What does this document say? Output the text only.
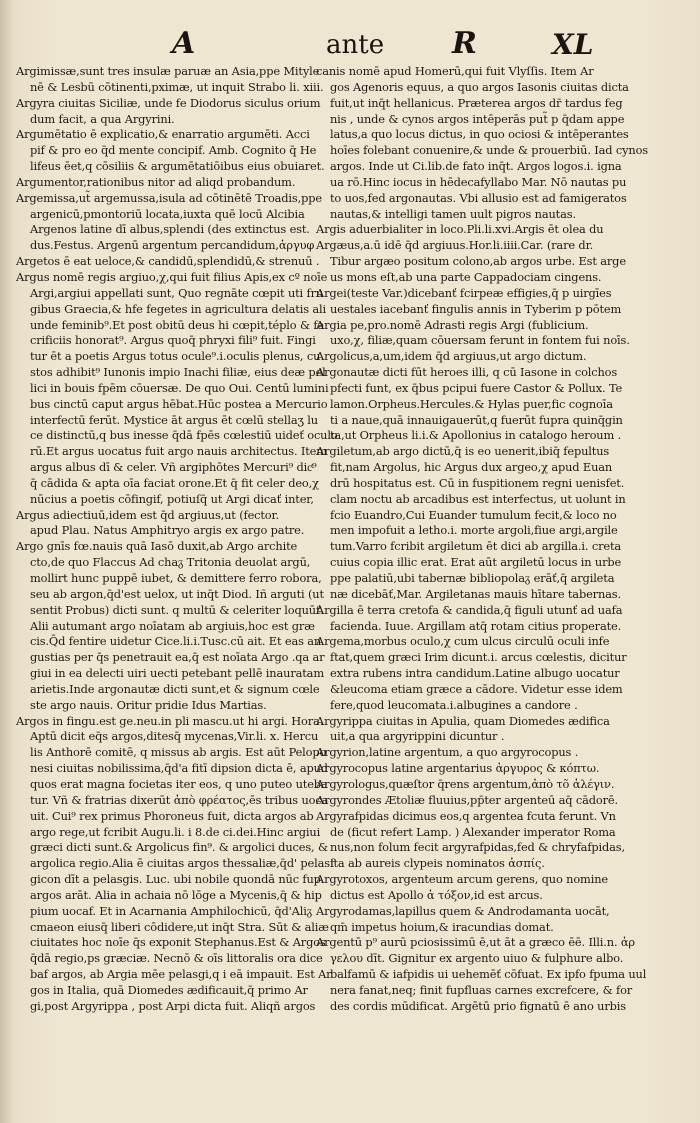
A	ante R	XL
Argimissæ,sunt tres insulæ paruæ an Asia,ppe Mityle
nē & Lesbū cōtinenti,pximæ, ut inquit Strabo li. xiii.
Argyra ciuitas Siciliæ, unde fe Diodorus siculus orium
dum facit, a qua Argyrini.
Argumētatio ē explicatio,& enarratio argumēti. Acci
pif & pro eo q̄d mente concipif. Amb. Cognito q̄ He
lifeus ēet,q cōsiliis & argumētatiōibus eius obuiaret.
Argumentor,rationibus nitor ad aliqd probandum.
Argemissa,ut̃ argemussa,isula ad cōtinētē Troadis,ppe
argenicū,pmontoriū locata,iuxta quē locū Alcibia
Argenos latine dī albus,splendi (des extinctus est.
dus.Festus. Argenū argentum percandidum,ἀργυφ
Argetos ē eat ueloce,& candidū,splendidū,& strenuū .
Argus nomē regis argiuo,χ,qui fuit filius Apis,ex cº noīe
Argi,argiui appellati sunt, Quo regnāte cœpit uti fru
gibus Graecia,& hfe fegetes in agricultura delatis ali
unde feminib⁹.Et post obitū deus hi cœpit,téplo & fa
crificiis honorat⁹. Argus quoq̄ phryxi fili⁹ fuit. Fingi
tur ēt a poetis Argus totus ocule⁹.i.oculis plenus, cu
stos adhibit⁹ Iunonis impio Inachi filiæ, eius deæ pel
lici in bouis fpēm cōuersæ. De quo Oui. Centū lumini
bus cinctū caput argus hēbat.Hūc postea a Mercurio
interfectū ferūt. Mystice āt argus ēt cœlū stellaʒ lu
ce distinctū,q bus inesse q̄dā fpēs cœlestiū uideť oculo
rū.Et argus uocatus fuit argo nauis architectus. Item
argus albus dī & celer. Vñ argiphōtes Mercuri⁹ dicͭ⁹
q̄ cādida & apta oīa faciat orone.Et q̄ fit celer deo,χ
nūcius a poetis cōfingif, potiuſq̄ ut Argi dicať inter,
Argus adiectiuū,idem est q̄d argiuus,ut (fector.
apud Plau. Natus Amphitryo argis ex argo patre.
Argo gnīs fœ.nauis quā Iasō duxit,ab Argo archite
cto,de quo Flaccus Ad chaᵹ Tritonia deuolat argū,
mollirt hunc puppē iubet, & demittere ferro robora,
seu ab argon,q̄d'est uelox, ut inq̄t Diod. Iñ arguti (ut
sentit Probus) dicti sunt. q multū & celeriter loquūť.
Alii autumant argo noīatam ab argiuis,hoc est græ
cis.Q̄d fentire uidetur Cice.li.i.Tusc.cū ait. Et eas an
gustias per q̄s penetrauit ea,q̄ est noīata Argo .qa ar
giui in ea delecti uiri uecti petebant pellē inauratam
arietis.Inde argonautæ dicti sunt,et & signum cœle
ste argo nauis. Oritur pridie Idus Martias.
Argos in fingu.est ge.neu.in pli mascu.ut hi argi. Hora.
Aptū dicit eq̄s argos,ditesq̄ mycenas,Vir.li. x. Hercu
lis Anthorē comitē, q missus ab argis. Est aūt Pelopo
nesi ciuitas nobilissima,q̄d'a fitī dipsion dicta ē, apud
quos erat magna focietas iter eos, q uno puteo uteba
tur. Vñ & fratrias dixerūt ἀπὸ φρέατος,ēs tribus uoca
uit. Cui⁹ rex primus Phoroneus fuit, dicta argos ab
argo rege,ut fcribit Augu.li. i 8.de ci.dei.Hinc argiui
græci dicti sunt.& Argolicus fin⁹. & argolici duces, &
argolica regio.Alia ē ciuitas argos thessaliæ,q̄d' pelasf
gicon dīt a pelasgis. Luc. ubi nobile quondā nūc fup
argos arāt. Alia in achaia nō lōge a Mycenis,q̄ & hip
pium uocaf. Et in Acarnania Amphilochicū, q̄d'Aliᵹ
cmaeon eiusq̄ liberi cōdidere,ut inq̄t Stra. Sūt & aliæ
ciuitates hoc noīe q̄s exponit Stephanus.Est & Argos
q̄dā regio,ps græciæ. Necnō & oīs littoralis ora dice
baf argos, ab Argia mēe pelasgi,q i eā impauit. Est Ar
gos in Italia, quā Diomedes ædificauit,q̄ primo Ar
gi,post Argyrippa , post Arpi dicta fuit. Aliqñ argos
canis nomē apud Homerū,qui fuit Vlyſſis. Item Ar
gos Agenoris equus, a quo argos Iasonis ciuitas dicta
fuit,ut inq̄t hellanicus. Præterea argos dr̄ tardus feg
nis , unde & cynos argos intēperās put̃ p q̄dam appe
latus,a quo locus dictus, in quo ociosi & intēperantes
hoīes folebant conuenire,& unde & prouerbiū. Iad cynos
argos. Inde ut Ci.lib.de fato inq̄t. Argos logos.i. igna
ua rō.Hinc iocus in hēdecafyllabo Mar. Nō nautas pu
to uos,fed argonautas. Vbi allusio est ad famigeratos
nautas,& intelligi tamen uult pigros nautas.
Argis aduerbialiter in loco.Pli.li.xvi.Argis ēt olea du
Argæus,a.ū idē q̄d argiuus.Hor.li.iiii.Car. (rare dr.
Tibur argæo positum colono,ab argos urbe. Est arge
us mons eſt,ab una parte Cappadociam cingens.
Argei(teste Var.)dicebanť fcirpeæ effigies,q̄ p uirgīes
uestales iacebanť fingulis annis in Tyberim p pōtem
Argia pe,pro.nomē Adrasti regis Argi (fublicium.
uxo,χ, filiæ,quam cōuersam ferunt in fontem fui noīs.
Argolicus,a,um,idem q̄d argiuus,ut argo dictum.
Argonautæ dicti fūt heroes illi, q cū Iasone in colchos
pfecti funt, ex q̄bus pcipui fuere Castor & Pollux. Te
lamon.Orpheus.Hercules.& Hylas puer,fic cognoīa
ti a naue,quā innauigauerūt,q fuerūt fupra quinq̄gin
ta,ut Orpheus li.i.& Apollonius in catalogo heroum .
Argiletum,ab argo dictū,q̄ is eo uenerit,ibiq̄ fepultus
fit,nam Argolus, hic Argus dux argeo,χ apud Euan
drū hospitatus est. Cū in fuspitionem regni uenisfet.
clam noctu ab arcadibus est interfectus, ut uolunt in
fcio Euandro,Cui Euander tumulum fecit,& loco no
men impofuit a letho.i. morte argoli,fiue argi,argile
tum.Varro fcribit argiletum ēt dici ab argilla.i. creta
cuius copia illic erat. Erat aūt argiletū locus in urbe
ppe palatiū,ubi tabernæ bibliopolaᵹ erāť,q̄ argileta
næ dicebāť,Mar. Argiletanas mauis hītare tabernas.
Argilla ē terra cretofa & candida,q̄ figuli utunť ad uafa
facienda. Iuue. Argillam atq̄ rotam citius properate.
Argema,morbus oculo,χ cum ulcus circulū oculi infe
ftat,quem græci Irim dicunt.i. arcus cœlestis, dicitur
extra rubens intra candidum.Latine albugo uocatur
&leucoma etiam græce a cādore. Videtur esse idem
fere,quod leucomata.i.albugines a candore .
Argyrippa ciuitas in Apulia, quam Diomedes ædifica
uit,a qua argyrippini dicuntur .
Argyrion,latine argentum, a quo argyrocopus .
Argyrocopus latine argentarius ἀργυρος & κόπτω.
Argyrologus,quæſtor q̄rens argentum,ἀπὸ τõ ἀλέγιν.
Argyrondes Ætoliæ fluuius,pp̄ter argenteū aq̄ cādorē.
Argyrafpidas dicimus eos,q argentea fcuta ferunt. Vn
de (ficut refert Lamp. ) Alexander imperator Roma
nus,non folum fecit argyrafpidas,fed & chryfafpidas,
ita ab aureis clypeis nominatos ἀσπίς.
Argyrotoxos, argenteum arcum gerens, quo nomine
dictus est Apollo ἀ τόξον,id est arcus.
Argyrodamas,lapillus quem & Androdamanta uocāt,
qm̄ impetus hoium,& iracundias domat.
Argentū p⁹ aurū pciosissimū ē,ut āt a græco ēē. Illi.n. ἀρ
γελoυ dīt. Gignitur ex argento uiuo & fulphure albo.
balfamū & iafpidis ui uehemēť cōfuat. Ex ipfo fpuma uul
nera fanat,neq; finit fupfluas carnes excrefcere, & for
des cordis mūdificat. Argētū prio fignatū ē ano urbis
